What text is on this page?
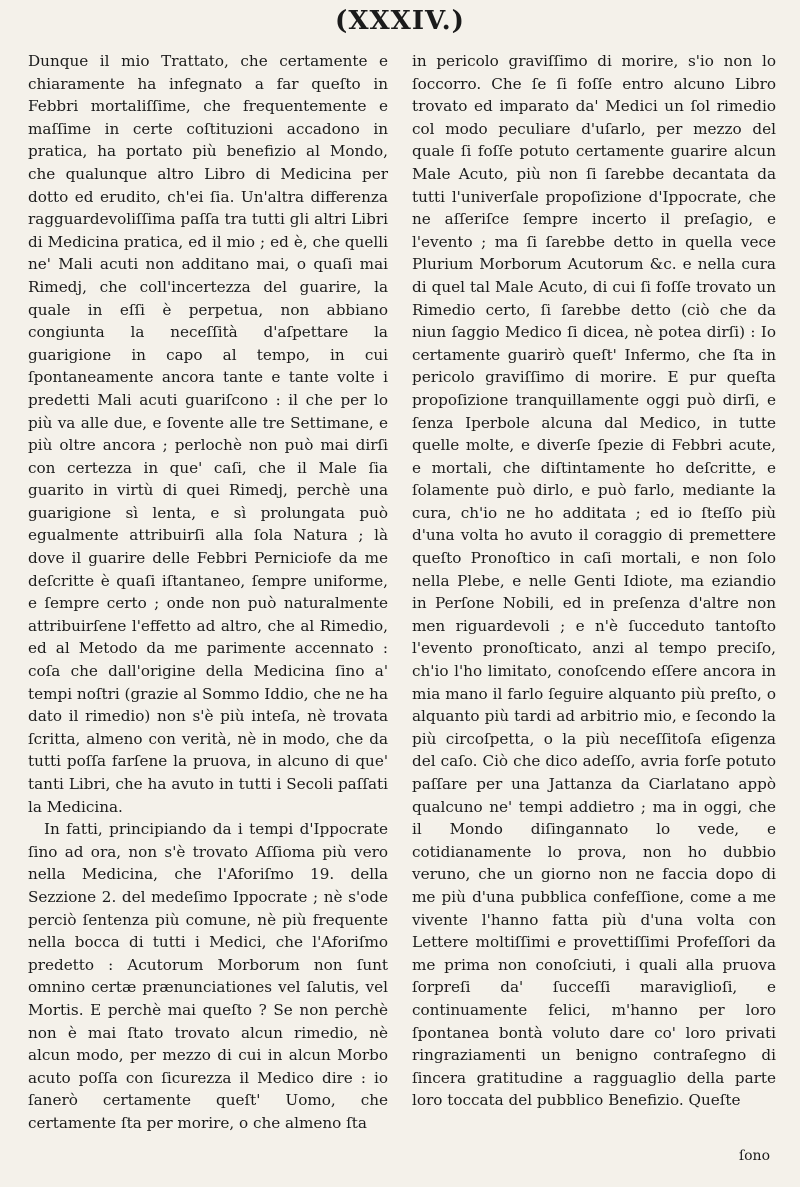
(XXXIV.)

Dunque il mio Trattato, che certamente e chiaramente ha infegnato a far queſto in Febbri mortaliſſime, che frequentemente e maſſime in certe coſtituzioni accadono in pratica, ha portato più benefizio al Mondo, che qualunque altro Libro di Medicina per dotto ed erudito, ch'ei ſia. Un'altra differenza ragguardevoliſſima paſſa tra tutti gli altri Libri di Medicina pratica, ed il mio ; ed è, che quelli ne' Mali acuti non additano mai, o quaſi mai Rimedj, che coll'incertezza del guarire, la quale in eſſi è perpetua, non abbiano congiunta la neceſſità d'aſpettare la guarigione in capo al tempo, in cui ſpontaneamente ancora tante e tante volte i predetti Mali acuti guariſcono : il che per lo più va alle due, e ſovente alle tre Settimane, e più oltre ancora ; perlochè non può mai dirſi con certezza in que' caſi, che il Male ſia guarito in virtù di quei Rimedj, perchè una guarigione sì lenta, e sì prolungata può egualmente attribuirſi alla ſola Natura ; là dove il guarire delle Febbri Perniciofe da me deſcritte è quaſi iſtantaneo, ſempre uniforme, e ſempre certo ; onde non può naturalmente attribuirſene l'effetto ad altro, che al Rimedio, ed al Metodo da me parimente accennato : coſa che dall'origine della Medicina ſino a' tempi noſtri (grazie al Sommo Iddio, che ne ha dato il rimedio) non s'è più inteſa, nè trovata ſcritta, almeno con verità, nè in modo, che da tutti poſſa farſene la pruova, in alcuno di que' tanti Libri, che ha avuto in tutti i Secoli paſſati la Medicina.

In fatti, principiando da i tempi d'Ippocrate ſino ad ora, non s'è trovato Aſſioma più vero nella Medicina, che l'Aforiſmo 19. della Sezzione 2. del medeſimo Ippocrate ; nè s'ode perciò ſentenza più comune, nè più frequente nella bocca di tutti i Medici, che l'Aforiſmo predetto : Acutorum Morborum non ſunt omnino certæ prænunciationes vel ſalutis, vel Mortis. E perchè mai queſto ? Se non perchè non è mai ſtato trovato alcun rimedio, nè alcun modo, per mezzo di cui in alcun Morbo acuto poſſa con ſicurezza il Medico dire : io ſanerò certamente queſt' Uomo, che certamente ſta per morire, o che almeno ſta

in pericolo graviſſimo di morire, s'io non lo ſoccorro. Che ſe ſi foſſe entro alcuno Libro trovato ed imparato da' Medici un ſol rimedio col modo peculiare d'uſarlo, per mezzo del quale ſi foſſe potuto certamente guarire alcun Male Acuto, più non ſi ſarebbe decantata da tutti l'univerſale propoſizione d'Ippocrate, che ne aſſeriſce ſempre incerto il preſagio, e l'evento ; ma ſi ſarebbe detto in quella vece Plurium Morborum Acutorum &c. e nella cura di quel tal Male Acuto, di cui ſi foſſe trovato un Rimedio certo, ſi ſarebbe detto (ciò che da niun ſaggio Medico ſi dicea, nè potea dirſi) : Io certamente guarirò queſt' Infermo, che ſta in pericolo graviſſimo di morire. E pur queſta propoſizione tranquillamente oggi può dirſi, e ſenza Iperbole alcuna dal Medico, in tutte quelle molte, e diverſe ſpezie di Febbri acute, e mortali, che diſtintamente ho deſcritte, e ſolamente può dirlo, e può farlo, mediante la cura, ch'io ne ho additata ; ed io ſteſſo più d'una volta ho avuto il coraggio di premettere queſto Pronoſtico in caſi mortali, e non ſolo nella Plebe, e nelle Genti Idiote, ma eziandio in Perſone Nobili, ed in preſenza d'altre non men riguardevoli ; e n'è ſucceduto tantoſto l'evento pronoſticato, anzi al tempo preciſo, ch'io l'ho limitato, conoſcendo eſſere ancora in mia mano il farlo ſeguire alquanto più preſto, o alquanto più tardi ad arbitrio mio, e ſecondo la più circoſpetta, o la più neceſſitoſa eſigenza del caſo. Ciò che dico adeſſo, avria forſe potuto paſſare per una Jattanza da Ciarlatano appò qualcuno ne' tempi addietro ; ma in oggi, che il Mondo diſingannato lo vede, e cotidianamente lo prova, non ho dubbio veruno, che un giorno non ne faccia dopo di me più d'una pubblica confeſſione, come a me vivente l'hanno fatta più d'una volta con Lettere moltiſſimi e provettiſſimi Profeſſori da me prima non conoſciuti, i quali alla pruova ſorpreſi da' ſucceſſi maraviglioſi, e continuamente felici, m'hanno per loro ſpontanea bontà voluto dare co' loro privati ringraziamenti un benigno contraſegno di ſincera gratitudine a ragguaglio della parte loro toccata del pubblico Benefizio. Queſte

ſono
